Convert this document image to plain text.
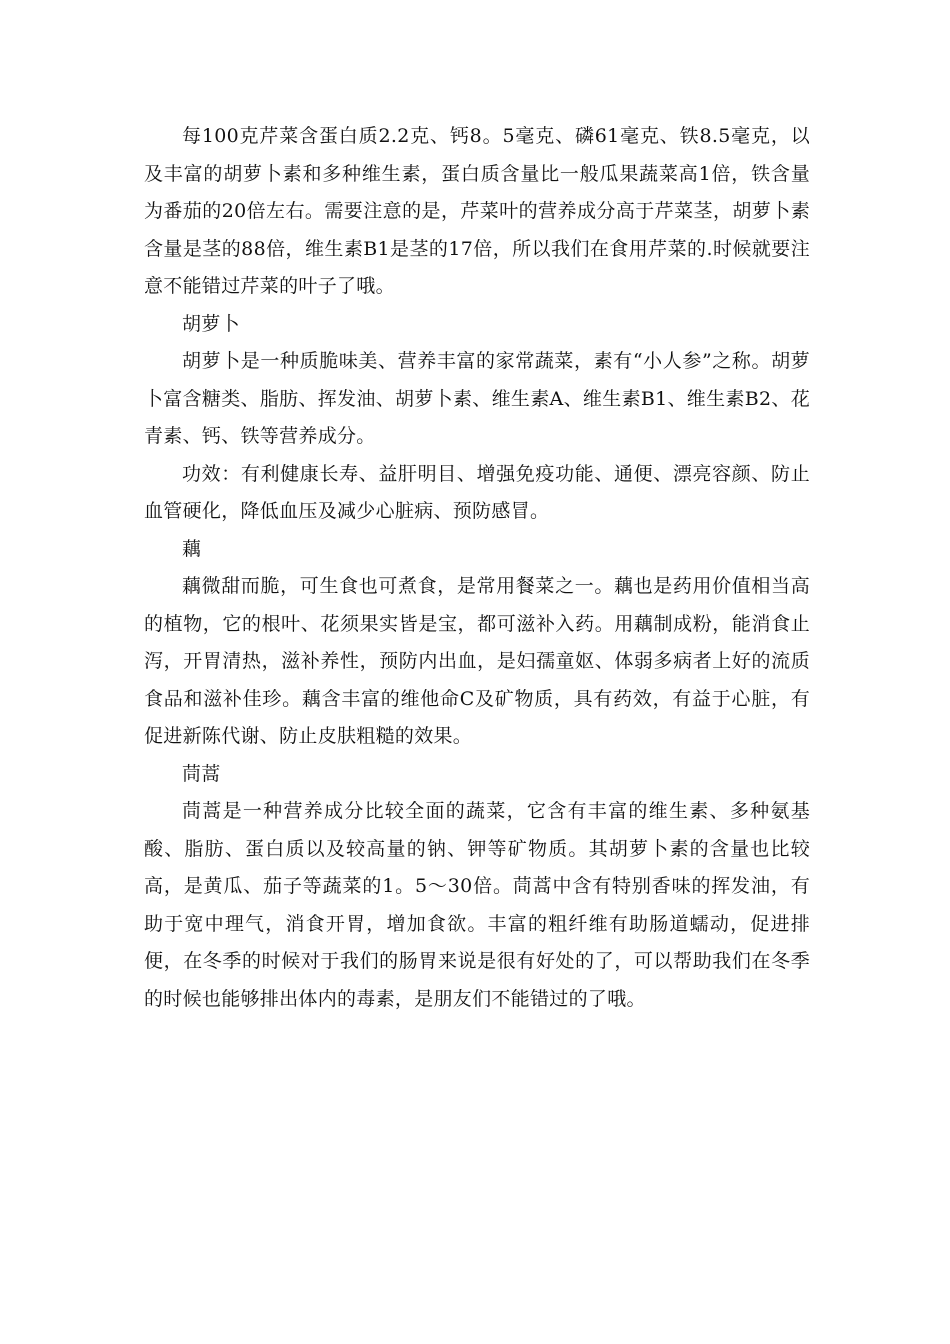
每100克芹菜含蛋白质2.2克、钙8。5毫克、磷61毫克、铁8.5毫克，以及丰富的胡萝卜素和多种维生素，蛋白质含量比一般瓜果蔬菜高1倍，铁含量为番茄的20倍左右。需要注意的是，芹菜叶的营养成分高于芹菜茎，胡萝卜素含量是茎的88倍，维生素B1是茎的17倍，所以我们在食用芹菜的.时候就要注意不能错过芹菜的叶子了哦。

胡萝卜

胡萝卜是一种质脆味美、营养丰富的家常蔬菜，素有“小人参”之称。胡萝卜富含糖类、脂肪、挥发油、胡萝卜素、维生素A、维生素B1、维生素B2、花青素、钙、铁等营养成分。

功效：有利健康长寿、益肝明目、增强免疫功能、通便、漂亮容颜、防止血管硬化，降低血压及减少心脏病、预防感冒。

藕

藕微甜而脆，可生食也可煮食，是常用餐菜之一。藕也是药用价值相当高的植物，它的根叶、花须果实皆是宝，都可滋补入药。用藕制成粉，能消食止泻，开胃清热，滋补养性，预防内出血，是妇孺童妪、体弱多病者上好的流质食品和滋补佳珍。藕含丰富的维他命C及矿物质，具有药效，有益于心脏，有促进新陈代谢、防止皮肤粗糙的效果。

茼蒿

茼蒿是一种营养成分比较全面的蔬菜，它含有丰富的维生素、多种氨基酸、脂肪、蛋白质以及较高量的钠、钾等矿物质。其胡萝卜素的含量也比较高，是黄瓜、茄子等蔬菜的1。5～30倍。茼蒿中含有特别香味的挥发油，有助于宽中理气，消食开胃，增加食欲。丰富的粗纤维有助肠道蠕动，促进排便，在冬季的时候对于我们的肠胃来说是很有好处的了，可以帮助我们在冬季的时候也能够排出体内的毒素，是朋友们不能错过的了哦。
